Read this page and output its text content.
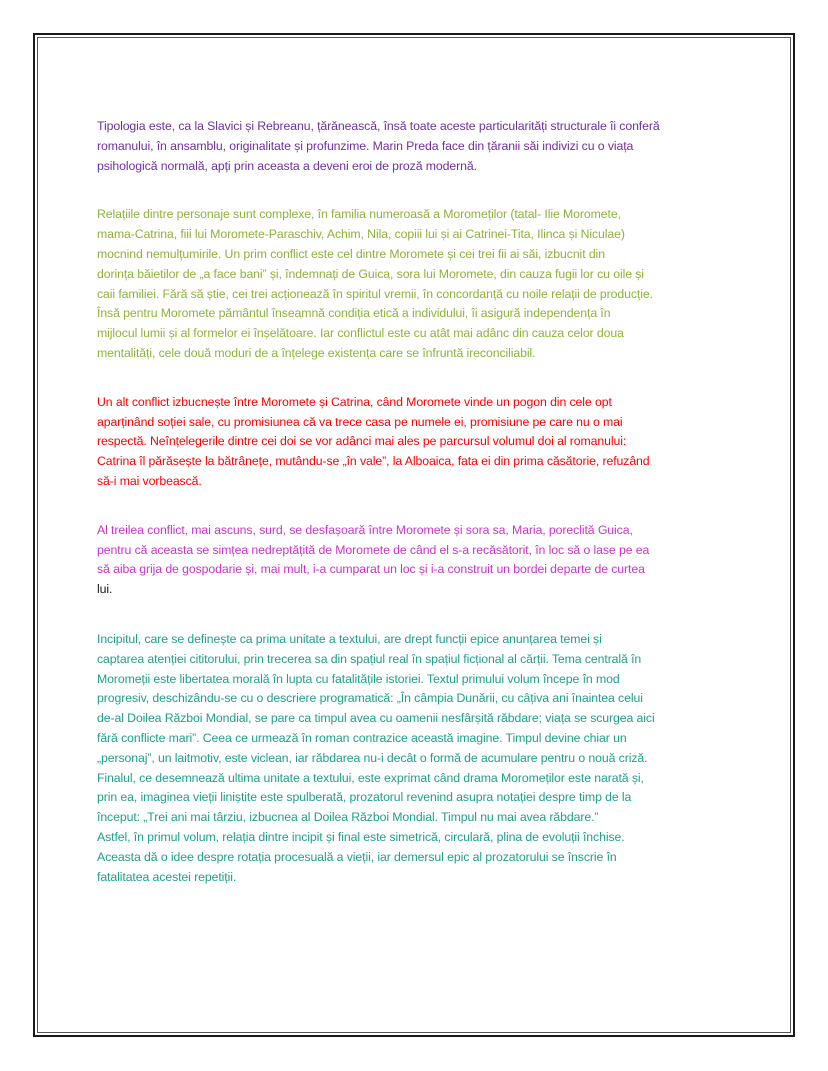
Tipologia este, ca la Slavici și Rebreanu, țărănească, însă toate aceste particularități structurale îi conferă
romanului, în ansamblu, originalitate și profunzime. Marin Preda face din țăranii săi indivizi cu o viața
psihologică normală, apți prin aceasta a deveni eroi de proză modernă.

Relațiile dintre personaje sunt complexe, în familia numeroasă a Moromeților (tatal- Ilie Moromete,
mama-Catrina, fiii lui Moromete-Paraschiv, Achim, Nila, copiii lui și ai Catrinei-Tita, Ilinca și Niculae)
mocnind nemulțumirile. Un prim conflict este cel dintre Moromete și cei trei fii ai săi, izbucnit din
dorința băietilor de „a face bani” și, îndemnați de Guica, sora lui Moromete, din cauza fugii lor cu oile și
caii familiei. Fără să știe, cei trei acționează în spiritul vremii, în concordanță cu noile relații de producție.
Însă pentru Moromete pământul înseamnă condiția etică a individului, îi asigură independența în
mijlocul lumii și al formelor ei înșelătoare. Iar conflictul este cu atât mai adânc din cauza celor doua
mentalități, cele două moduri de a înțelege existența care se înfruntă ireconciliabil.

Un alt conflict izbucnește între Moromete și Catrina, când Moromete vinde un pogon din cele opt
aparținând soției sale, cu promisiunea că va trece casa pe numele ei, promisiune pe care nu o mai
respectă. Neînțelegerile dintre cei doi se vor adânci mai ales pe parcursul volumul doi al romanului:
Catrina îl părăsește la bătrânețe, mutându-se „în vale”, la Alboaica, fata ei din prima căsătorie, refuzând
să-i mai vorbească.

Al treilea conflict, mai ascuns, surd, se desfașoară între Moromete și sora sa, Maria, poreclită Guica,
pentru că aceasta se simțea nedreptățită de Moromete de când el s-a recăsătorit, în loc să o lase pe ea
să aiba grija de gospodarie și, mai mult, i-a cumparat un loc și i-a construit un bordei departe de curtea
lui.

Incipitul, care se definește ca prima unitate a textului, are drept funcții epice anunțarea temei și
captarea atenției cititorului, prin trecerea sa din spațiul real în spațiul ficțional al cărții. Tema centrală în
Moromeții este libertatea morală în lupta cu fatalitățile istoriei. Textul primului volum începe în mod
progresiv, deschizându-se cu o descriere programatică: „În câmpia Dunării, cu câțiva ani înaintea celui
de-al Doilea Război Mondial, se pare ca timpul avea cu oamenii nesfârșită răbdare; viața se scurgea aici
fără conflicte mari”. Ceea ce urmează în roman contrazice această imagine. Timpul devine chiar un
„personaj”, un laitmotiv, este viclean, iar răbdarea nu-i decât o formă de acumulare pentru o nouă criză.
Finalul, ce desemnează ultima unitate a textului, este exprimat când drama Moromeților este narată și,
prin ea, imaginea vieții liniștite este spulberată, prozatorul revenind asupra notației despre timp de la
început: „Trei ani mai târziu, izbucnea al Doilea Război Mondial. Timpul nu mai avea răbdare.”
Astfel, în primul volum, relația dintre incipit și final este simetrică, circulară, plina de evoluții închise.
Aceasta dă o idee despre rotația procesuală a vieții, iar demersul epic al prozatorului se înscrie în
fatalitatea acestei repetiții.
